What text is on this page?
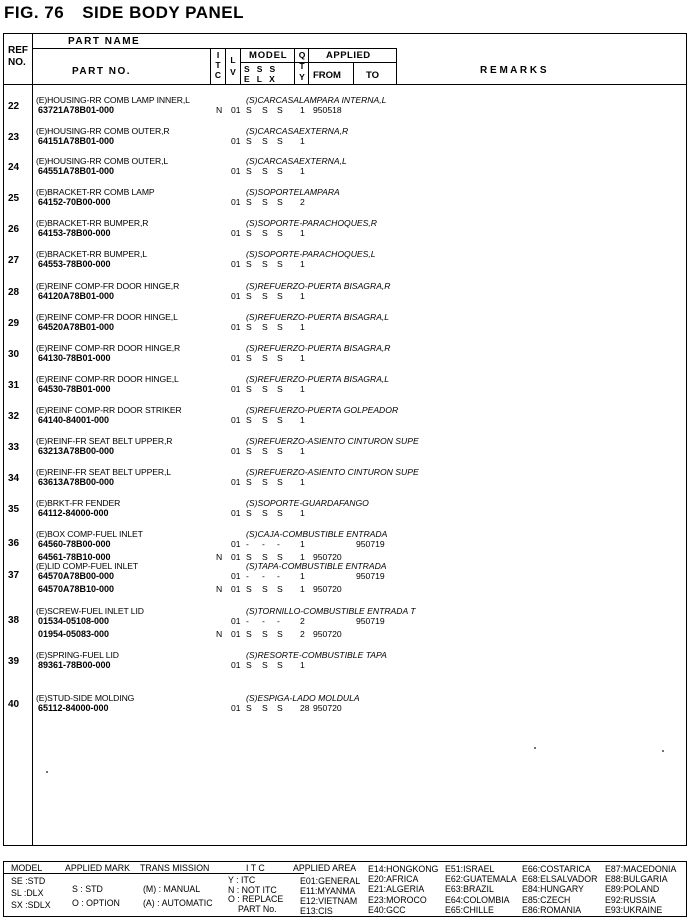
FIG. 76 SIDE BODY PANEL
REF
NO.
PART NAME
PART NO.
I
T
C
L
V
MODEL
S S S
E L X
Q
T
Y
APPLIED
FROM	TO	R E M A R K S
22
(E)HOUSING-RR COMB LAMP INNER,L	(S)CARCASALAMPARA INTERNA,L
63721A78B01-000	N 01 S S S 1 950518
23
(E)HOUSING-RR COMB OUTER,R	(S)CARCASAEXTERNA,R
64151A78B01-000	01 S S S 1
24
(E)HOUSING-RR COMB OUTER,L	(S)CARCASAEXTERNA,L
64551A78B01-000	01 S S S 1
25
(E)BRACKET-RR COMB LAMP	(S)SOPORTELAMPARA
64152-70B00-000	01 S S S 2
26
(E)BRACKET-RR BUMPER,R	(S)SOPORTE-PARACHOQUES,R
64153-78B00-000	01 S S S 1
27
(E)BRACKET-RR BUMPER,L	(S)SOPORTE-PARACHOQUES,L
64553-78B00-000	01 S S S 1
28
(E)REINF COMP-FR DOOR HINGE,R	(S)REFUERZO-PUERTA BISAGRA,R
64120A78B01-000	01 S S S 1
29
(E)REINF COMP-FR DOOR HINGE,L	(S)REFUERZO-PUERTA BISAGRA,L
64520A78B01-000	01 S S S 1
30
(E)REINF COMP-RR DOOR HINGE,R	(S)REFUERZO-PUERTA BISAGRA,R
64130-78B01-000	01 S S S 1
31
(E)REINF COMP-RR DOOR HINGE,L	(S)REFUERZO-PUERTA BISAGRA,L
64530-78B01-000	01 S S S 1
32
(E)REINF COMP-RR DOOR STRIKER	(S)REFUERZO-PUERTA GOLPEADOR
64140-84001-000	01 S S S 1
33
(E)REINF-FR SEAT BELT UPPER,R	(S)REFUERZO-ASIENTO CINTURON SUPE
63213A78B00-000	01 S S S 1
34
(E)REINF-FR SEAT BELT UPPER,L	(S)REFUERZO-ASIENTO CINTURON SUPE
63613A78B00-000	01 S S S 1
35
(E)BRKT-FR FENDER	(S)SOPORTE-GUARDAFANGO
64112-84000-000	01 S S S 1
36
(E)BOX COMP-FUEL INLET	(S)CAJA-COMBUSTIBLE ENTRADA
64560-78B00-000	01 - - - 1	950719
64561-78B10-000	N 01 S S S 1 950720
37
(E)LID COMP-FUEL INLET	(S)TAPA-COMBUSTIBLE ENTRADA
64570A78B00-000	01 - - - 1	950719
64570A78B10-000	N 01 S S S 1 950720
38
(E)SCREW-FUEL INLET LID	(S)TORNILLO-COMBUSTIBLE ENTRADA T
01534-05108-000	01 - - - 2	950719
01954-05083-000	N 01 S S S 2 950720
39
(E)SPRING-FUEL LID	(S)RESORTE-COMBUSTIBLE TAPA
89361-78B00-000	01 S S S 1
40
(E)STUD-SIDE MOLDING	(S)ESPIGA-LADO MOLDULA
65112-84000-000	01 S S S 28 950720
MODEL	APPLIED MARK TRANS MISSION	I T C	APPLIED AREA
SE :STD
SL :DLX
SX :SDLX
S : STD
O : OPTION
(M) : MANUAL
(A) : AUTOMATIC
Y : ITC
N : NOT ITC
O : REPLACE
PART No.
E01:GENERAL
E11:MYANMA
E12:VIETNAM
E13:CIS
E14:HONGKONG
E20:AFRICA
E21:ALGERIA
E23:MOROCO
E40:GCC
E51:ISRAEL
E62:GUATEMALA
E63:BRAZIL
E64:COLOMBIA
E65:CHILLE
E66:COSTARICA
E68:ELSALVADOR
E84:HUNGARY
E85:CZECH
E86:ROMANIA
E87:MACEDONIA
E88:BULGARIA
E89:POLAND
E92:RUSSIA
E93:UKRAINE
